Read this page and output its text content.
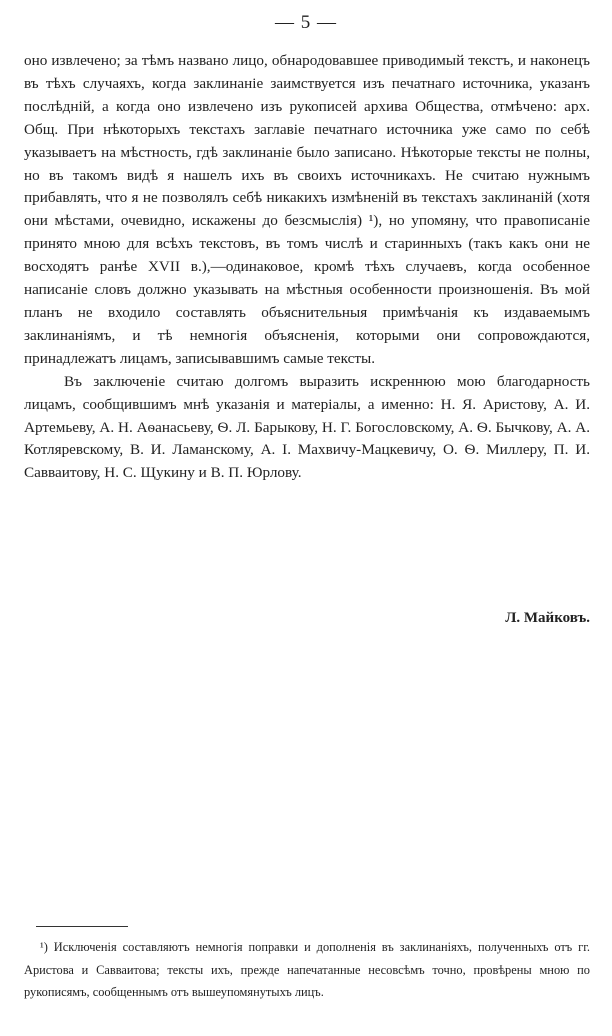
— 5 —

оно извлечено; за тѣмъ названо лицо, обнародовавшее приводимый текстъ, и наконецъ въ тѣхъ случаяхъ, когда заклинаніе заимствуется изъ печатнаго источника, указанъ послѣдній, а когда оно извлечено изъ рукописей архива Общества, отмѣчено: арх. Общ. При нѣкоторыхъ текстахъ заглавіе печатнаго источника уже само по себѣ указываетъ на мѣстность, гдѣ заклинаніе было записано. Нѣкоторые тексты не полны, но въ такомъ видѣ я нашелъ ихъ въ своихъ источникахъ. Не считаю нужнымъ прибавлять, что я не позволялъ себѣ никакихъ измѣненій въ текстахъ заклинаній (хотя они мѣстами, очевидно, искажены до безсмыслія) ¹), но упомяну, что правописаніе принято мною для всѣхъ текстовъ, въ томъ числѣ и старинныхъ (такъ какъ они не восходятъ ранѣе XVII в.),—одинаковое, кромѣ тѣхъ случаевъ, когда особенное написаніе словъ должно указывать на мѣстныя особенности произношенія. Въ мой планъ не входило составлять объяснительныя примѣчанія къ издаваемымъ заклинаніямъ, и тѣ немногія объясненія, которыми они сопровождаются, принадлежатъ лицамъ, записывавшимъ самые тексты.

Въ заключеніе считаю долгомъ выразить искреннюю мою благодарность лицамъ, сообщившимъ мнѣ указанія и матеріалы, а именно: Н. Я. Аристову, А. И. Артемьеву, А. Н. Аѳанасьеву, Ѳ. Л. Барыкову, Н. Г. Богословскому, А. Ѳ. Бычкову, А. А. Котляревскому, В. И. Ламанскому, А. І. Махвичу-Мацкевичу, О. Ѳ. Миллеру, П. И. Савваитову, Н. С. Щукину и В. П. Юрлову.

Л. Майковъ.

¹) Исключенія составляютъ немногія поправки и дополненія въ заклинаніяхъ, полученныхъ отъ гг. Аристова и Савваитова; тексты ихъ, прежде напечатанные несовсѣмъ точно, провѣрены мною по рукописямъ, сообщеннымъ отъ вышеупомянутыхъ лицъ.
